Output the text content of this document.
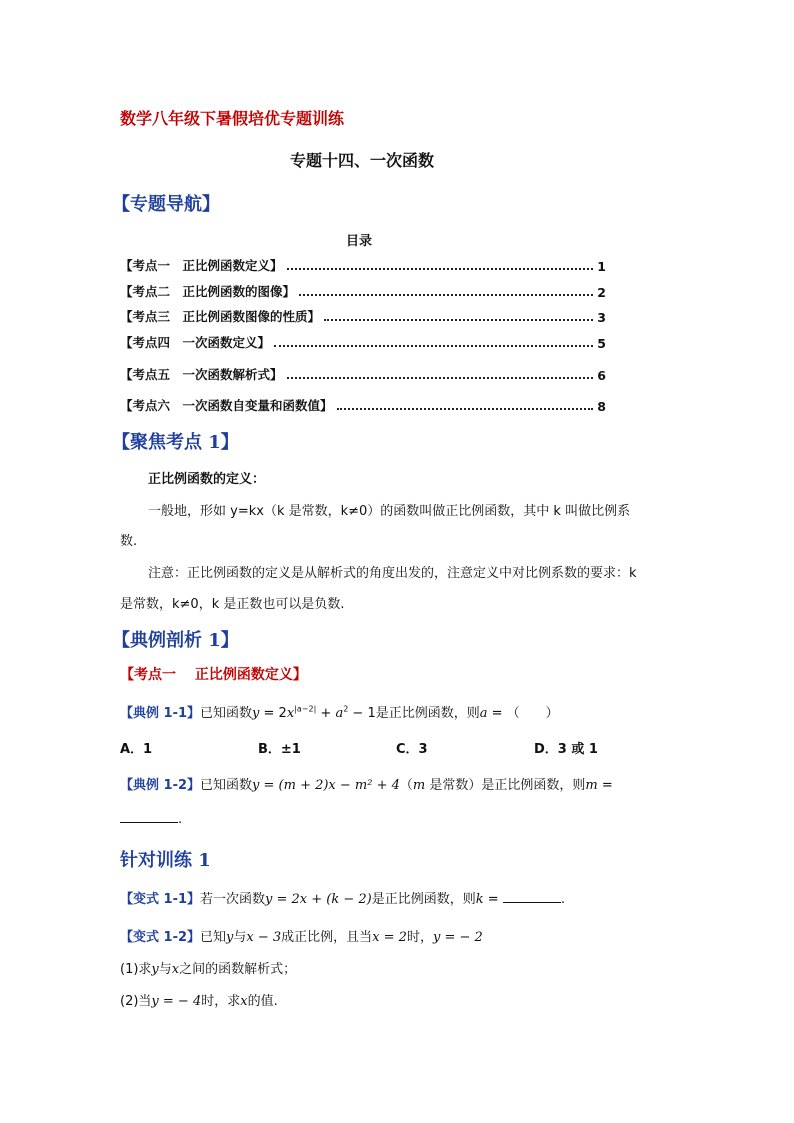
数学八年级下暑假培优专题训练
专题十四、一次函数
【专题导航】
目录
【考点一　正比例函数定义】	1
【考点二　正比例函数的图像】	2
【考点三　正比例函数图像的性质】	3
【考点四　一次函数定义】	5
【考点五　一次函数解析式】	6
【考点六　一次函数自变量和函数值】	8
【聚焦考点 1】
正比例函数的定义：
一般地，形如 y=kx（k 是常数，k≠0）的函数叫做正比例函数，其中 k 叫做比例系
数.
注意：正比例函数的定义是从解析式的角度出发的，注意定义中对比例系数的要求：k
是常数，k≠0，k 是正数也可以是负数.
【典例剖析 1】
【考点一　 正比例函数定义】
【典例 1-1】已知函数$y = 2x^{|a-2|} + a^2 - 1$是正比例函数，则a = （　　）
A．1	B．±1	C．3	D．3 或 1
【典例 1-2】已知函数y = (m + 2)x − m² + 4（m 是常数）是正比例函数，则m =
.
针对训练 1
【变式 1-1】若一次函数y = 2x + (k − 2)是正比例函数，则k =	.
【变式 1-2】已知y与x − 3成正比例，且当x = 2时，y = − 2
(1)求y与x之间的函数解析式；
(2)当y = − 4时，求x的值.
